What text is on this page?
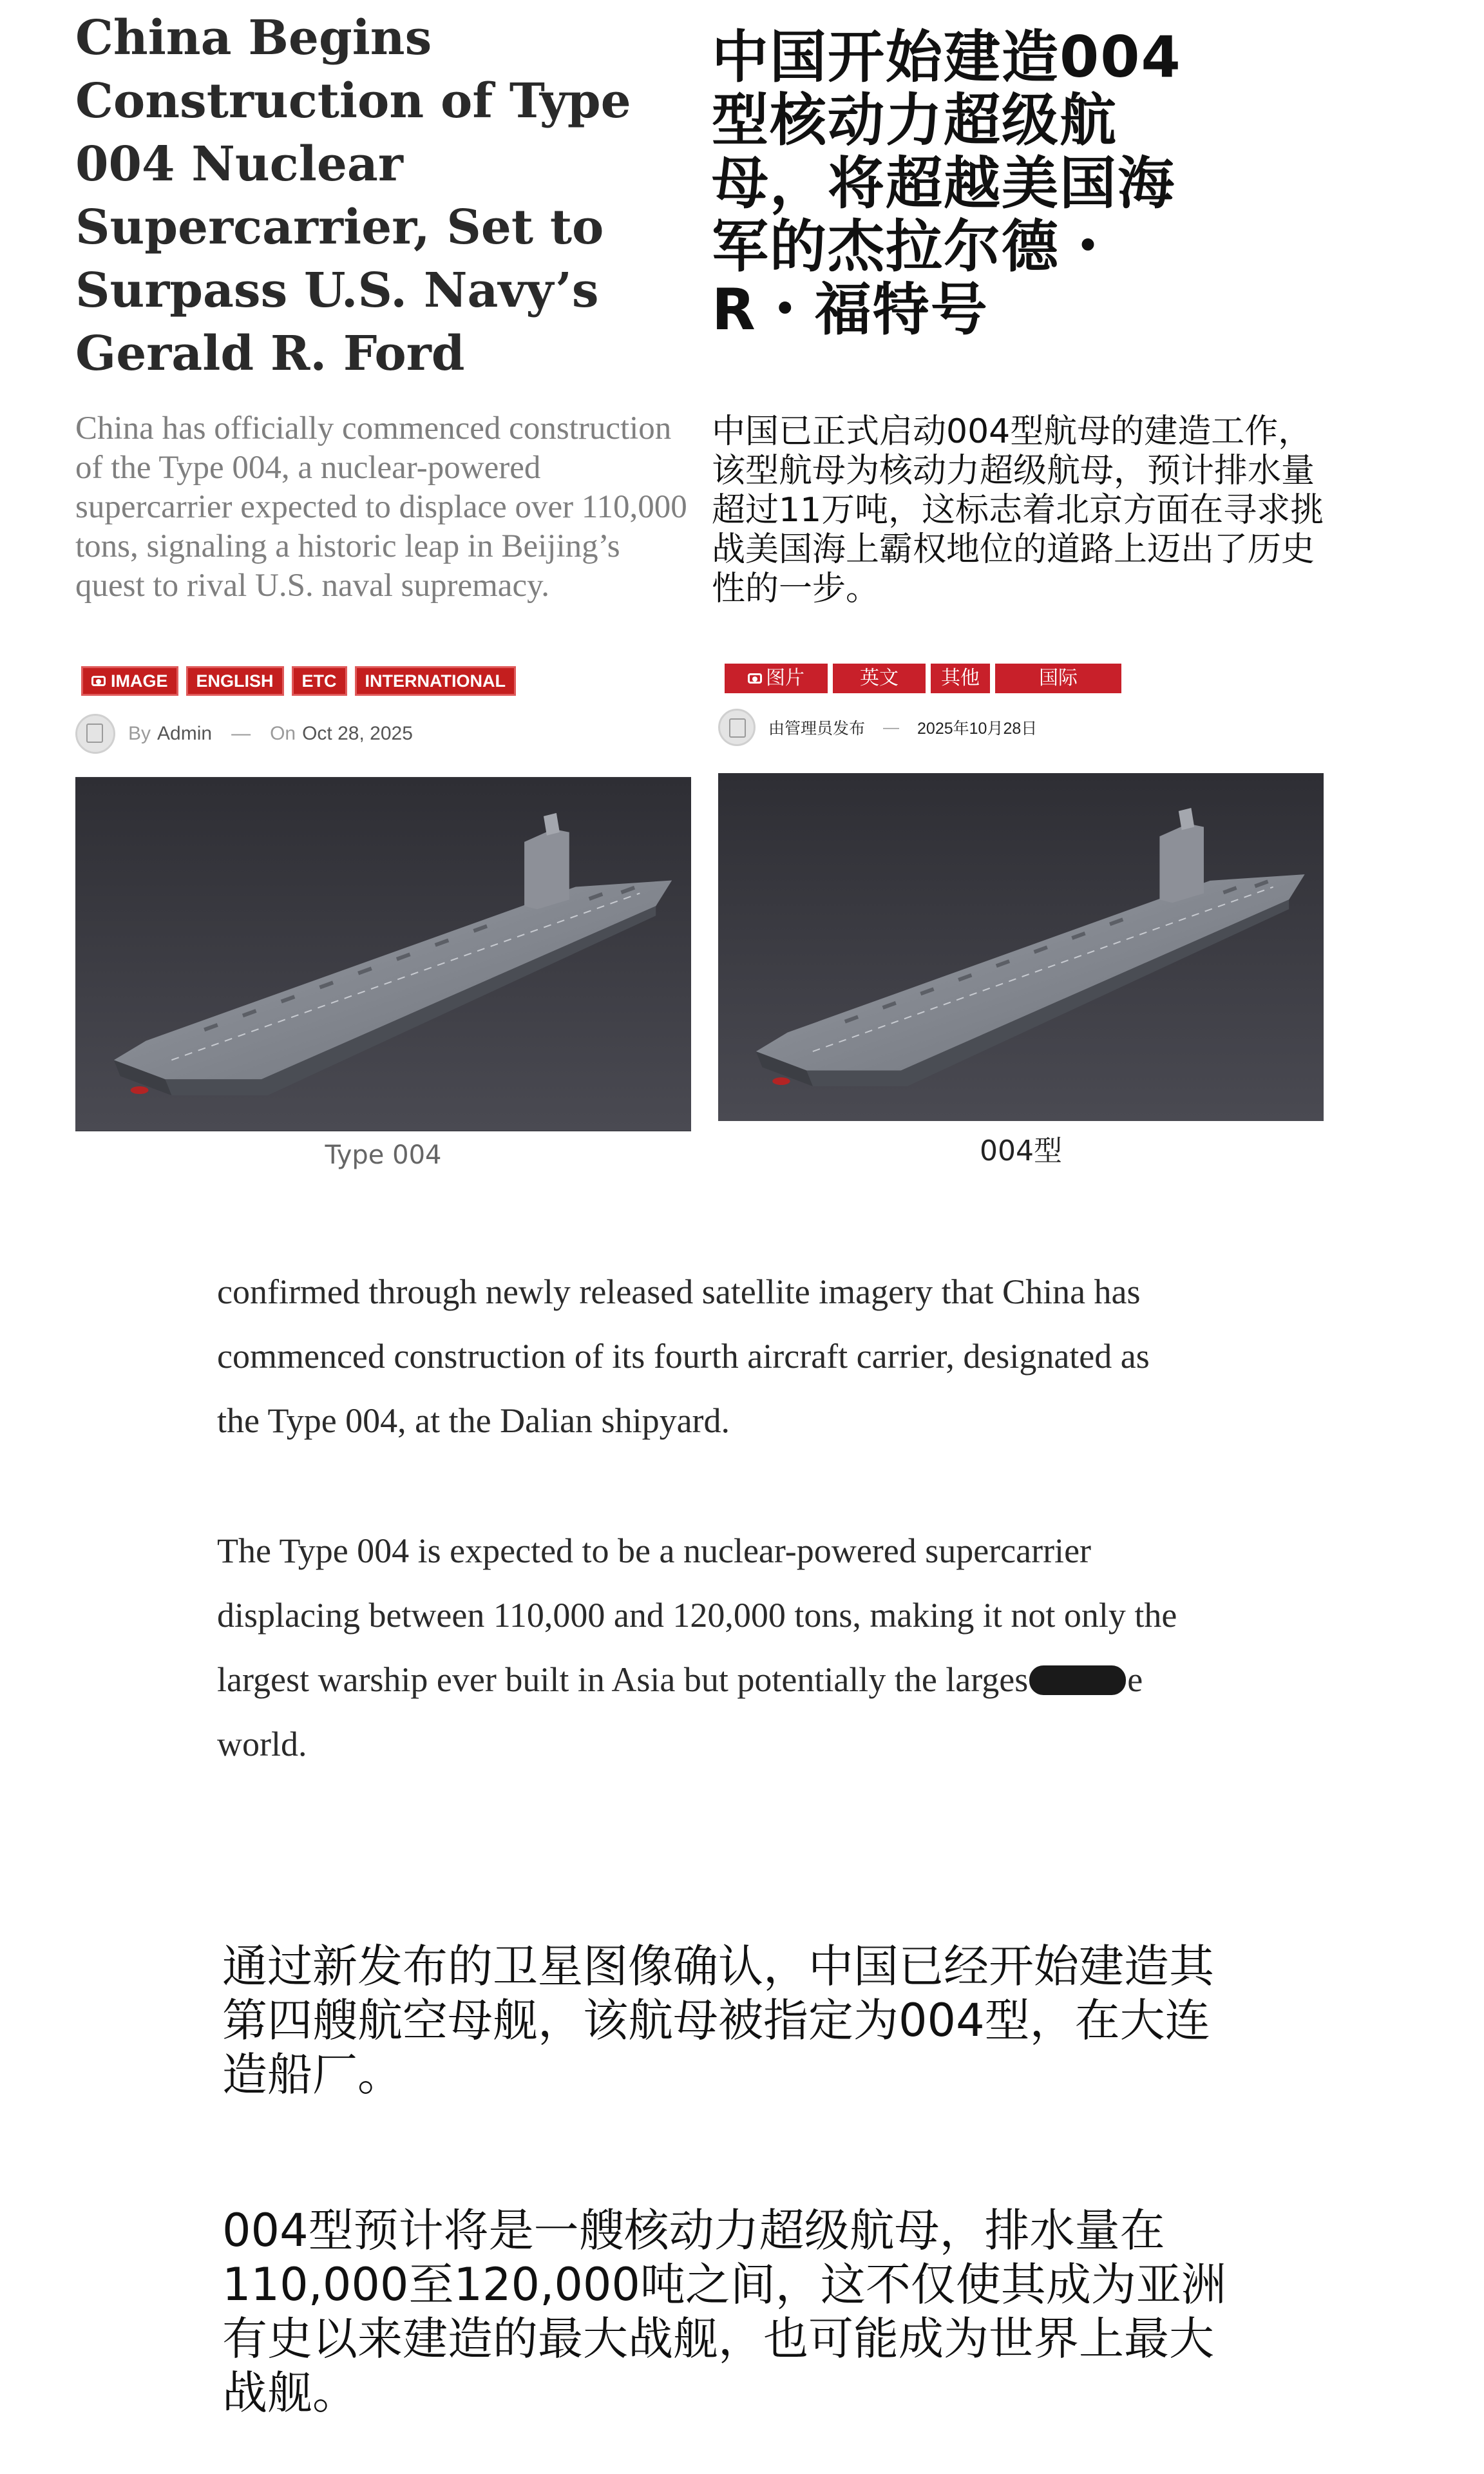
China Begins Construction of Type 004 Nuclear Supercarrier, Set to Surpass U.S. Navy’s Gerald R. Ford

China has officially commenced construction of the Type 004, a nuclear-powered supercarrier expected to displace over 110,000 tons, signaling a historic leap in Beijing’s quest to rival U.S. naval supremacy.

中国开始建造004型核动力超级航母，将超越美国海军的杰拉尔德・R・福特号

中国已正式启动004型航母的建造工作，该型航母为核动力超级航母，预计排水量超过11万吨，这标志着北京方面在寻求挑战美国海上霸权地位的道路上迈出了历史性的一步。

IMAGE	ENGLISH	ETC	INTERNATIONAL	图片	英文	其他	国际
By Admin — On Oct 28, 2025	由管理员发布 — 2025年10月28日
Type 004	004型

confirmed through newly released satellite imagery that China has commenced construction of its fourth aircraft carrier, designated as the Type 004, at the Dalian shipyard.

The Type 004 is expected to be a nuclear-powered supercarrier displacing between 110,000 and 120,000 tons, making it not only the largest warship ever built in Asia but potentially the larges	e world.

通过新发布的卫星图像确认，中国已经开始建造其第四艘航空母舰，该航母被指定为004型，在大连造船厂。

004型预计将是一艘核动力超级航母，排水量在110,000至120,000吨之间，这不仅使其成为亚洲有史以来建造的最大战舰，也可能成为世界上最大战舰。
